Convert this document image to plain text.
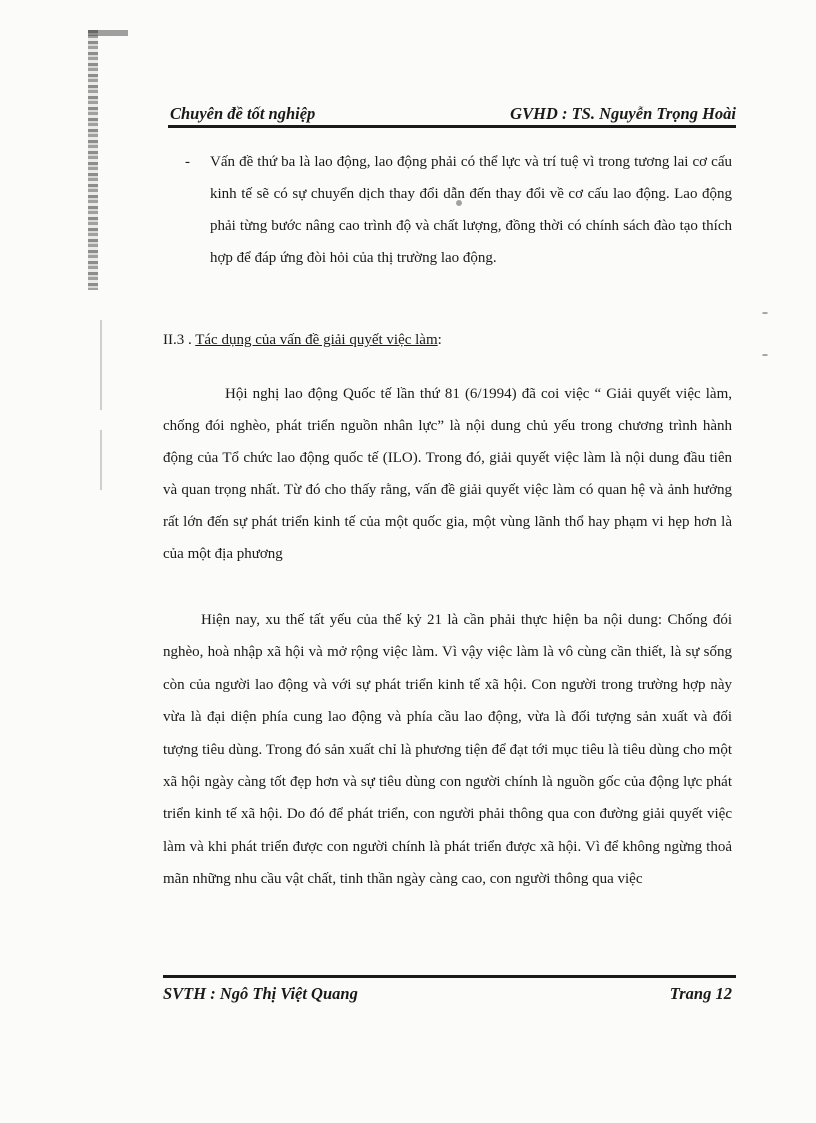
Chuyên đề tốt nghiệp	GVHD : TS. Nguyễn Trọng Hoài
- Vấn đề thứ ba là lao động, lao động phải có thể lực và trí tuệ vì trong tương lai cơ cấu kinh tế sẽ có sự chuyển dịch thay đổi dẫn đến thay đổi về cơ cấu lao động. Lao động phải từng bước nâng cao trình độ và chất lượng, đồng thời có chính sách đào tạo thích hợp để đáp ứng đòi hỏi của thị trường lao động.
II.3 . Tác dụng của vấn đề giải quyết việc làm:
Hội nghị lao động Quốc tế lần thứ 81 (6/1994) đã coi việc “ Giải quyết việc làm, chống đói nghèo, phát triển nguồn nhân lực” là nội dung chủ yếu trong chương trình hành động của Tổ chức lao động quốc tế (ILO). Trong đó, giải quyết việc làm là nội dung đầu tiên và quan trọng nhất. Từ đó cho thấy rằng, vấn đề giải quyết việc làm có quan hệ và ảnh hưởng rất lớn đến sự phát triển kinh tế của một quốc gia, một vùng lãnh thổ hay phạm vi hẹp hơn là của một địa phương
Hiện nay, xu thế tất yếu của thế kỷ 21 là cần phải thực hiện ba nội dung: Chống đói nghèo, hoà nhập xã hội và mở rộng việc làm. Vì vậy việc làm là vô cùng cần thiết, là sự sống còn của người lao động và với sự phát triển kinh tế xã hội. Con người trong trường hợp này vừa là đại diện phía cung lao động và phía cầu lao động, vừa là đối tượng sản xuất và đối tượng tiêu dùng. Trong đó sản xuất chỉ là phương tiện để đạt tới mục tiêu là tiêu dùng cho một xã hội ngày càng tốt đẹp hơn và sự tiêu dùng con người chính là nguồn gốc của động lực phát triển kinh tế xã hội. Do đó để phát triển, con người phải thông qua con đường giải quyết việc làm và khi phát triển được con người chính là phát triển được xã hội. Vì để không ngừng thoả mãn những nhu cầu vật chất, tinh thần ngày càng cao, con người thông qua việc
SVTH : Ngô Thị Việt Quang	Trang 12
